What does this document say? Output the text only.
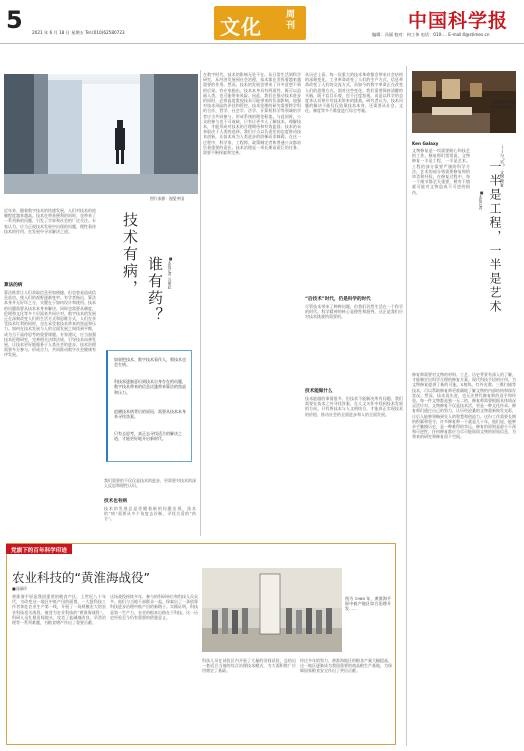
5 2021 年 6 月 18 日 星期五 Tel:(010)62580723	文化	周刊	中国科学报
编辑：冯丽 校对：何工伟 电话：010-… E-mail:ll@stimes.cn
图片来源：视觉中国
近年来，随着数字技术的快速发展，人们对技术的依赖程度越来越高。技术在带来便利的同时，也带来了一系列新的问题，引发了学界和社会的广泛关注。专家认为，应当正视技术发展中出现的问题，理性看待技术的作用，在发展中寻求解决之道。
算法的病
算法推荐让人们获取信息更加便捷，但也容易造成信息茧房，使人们的视野逐渐变窄。有学者指出，算法本身并无好坏之分，关键在于如何设计和使用。技术的问题需要从技术本身来解决，同时也需要从制度、伦理和文化等多个层面来共同应对。数字技术的发展正在深刻改变人们的生活方式和思维方式，人们在享受技术红利的同时，也在承受着技术带来的焦虑和压力。如何在技术发展与人的全面发展之间找到平衡，成为当下亟待思考的重要课题。专家建议，应当加强技术伦理研究，完善相关法律法规，引导技术向善发展，让技术更好地服务于人类社会的进步。技术治理需要多方参与，形成合力，共同推动数字社会健康有序发展。
技术有病， 谁有药？	■本报记者 冯丽妃
如果把技术、数字技术看作人，那技术也会生病。
科技界逐渐意识到技术自身存在的问题，数字技术带来的信息泛滥带来算法的焦虑和压力。
追溯技术病背后的原因，需要从技术本身来寻找答案。
只有去思考，真正去寻找适合的解决之道，才能更好地开启新时代。
我们需要的不仅仅是技术的进步，更需要对技术的深入反思和理性认识。
技术也有病
技术的发展总是伴随着新的问题出现，技术的“病”需要从多个角度去诊断，寻找合适的“药方”。
在数字时代，技术的影响无处不在。从日常生活到科学研究，从经济发展到社会治理，技术都在发挥着越来越重要的作用。然而，技术的发展也带来了许多意想不到的后果。有专家指出，技术本身具有两面性，既可以造福人类，也可能带来风险。因此，我们在推动技术进步的同时，必须高度重视技术可能带来的负面影响，加强对技术风险的评估和管控。技术伦理的研究需要跨学科的合作，哲学、社会学、法学、计算机科学等领域的学者应当共同参与，形成系统的理论框架。与此同时，公众的参与也不可或缺，只有让更多人了解技术、理解技术，才能形成对技术的合理期待和有效监督。技术的未来取决于人类的选择，我们应当以负责任的态度推动技术创新，让技术成为人类进步的阶梯而非障碍。在这一过程中，科学家、工程师、政策制定者和普通公众都肩负着重要的责任。技术治理是一项长期而艰巨的任务，需要不断探索和完善。
从历史上看，每一次重大的技术革命都会带来社会结构的深刻变化。工业革命改变了人们的生产方式，信息革命改变了人们的交流方式，而如今的数字革命正在改变人们的思维方式。面对这些变化，我们需要保持清醒的头脑，既不盲目乐观，也不过度悲观，而是以科学的态度来认识和应对技术带来的挑战。研究者认为，技术问题的解决不能仅仅依靠技术本身，还需要从社会、文化、制度等多个维度进行综合考量。
“后技术”时代，仍是科学的时代
尽管技术带来了种种问题，但我们仍然生活在一个科学的时代。科学精神的核心是理性和批判，这正是我们应对技术挑战所需要的。
技术能做什么
技术能做的事情很多，但技术不能解决所有问题。我们需要在技术之外寻找答案，在人文关怀中找到技术发展的方向。只有将技术与人文相结合，才能真正实现技术的价值，推动社会的全面进步和人的全面发展。
文物修复与修复现场的环境照片。
Ken Galaxy
文物修复是一项需要耐心和技艺的工作。修复师们常常说，文物修复一半是工程，一半是艺术。工程的部分需要严谨的科学方法，艺术的部分则需要修复师的审美和经验。在修复过程中，每一个细节都至关重要，稍有不慎就可能对文物造成不可逆的损伤。
——与“实”：文物修复
一半是工程，一半是艺术
■本报记者
修复师需要对文物的材料、工艺、历史背景有深入的了解，才能制定出科学合理的修复方案。现代科技手段的应用，为文物修复提供了新的可能。X射线、红外光谱、三维扫描等技术，可以帮助修复师更准确地了解文物的内部结构和保存状况。然而，技术再先进，也无法替代修复师的双手和经验。每一件文物都是独一无二的，修复师需要根据具体情况灵活应对。文物修复不仅是技术活，更是一种文化传承。修复师们通过自己的努力，让历经沧桑的文物重新焕发光彩，让后人能够领略到先人的智慧和创造力。这份工作需要长期的积累和坚守，许多修复师一干就是几十年。他们说，能够亲手触摸历史，是一种难得的幸运。修复的原则是最小干预和可逆性，任何修复都应当尽可能保留文物的原始信息，为将来的研究和修复留下空间。
党旗下的百年科学印迹
农业科技的“黄淮海战役”
■冯丽玲
黄淮海平原是我国重要的粮食产区。上世纪八十年代，为改变这一地区中低产田的面貌，一大批科技工作者奔赴农业生产第一线，开展了一场规模宏大的农业科技攻关战役，被誉为农业科技的“黄淮海战役”。科研人员扎根田间地头，攻克了盐碱地改良、旱涝治理等一系列难题，为粮食增产作出了重要贡献。
这场战役持续多年，参与的科研单位和科技人员众多。他们与当地干部群众一起，探索出了一条依靠科技进步治理中低产田的新路子。实践证明，科技是第一生产力，农业的根本出路在于科技。这一历史经验至今仍有重要的借鉴意义。
图为 1988 年，黄淮海平原中低产地区综合治理开发……
科技人员在试验区内开展了大量的田间试验，总结出一套适合当地的综合治理技术模式，为大面积推广应用奠定了基础。
经过多年的努力，黄淮海地区的粮食产量大幅提高，这一地区逐渐成为我国重要的商品粮生产基地，为保障国家粮食安全作出了突出贡献。
